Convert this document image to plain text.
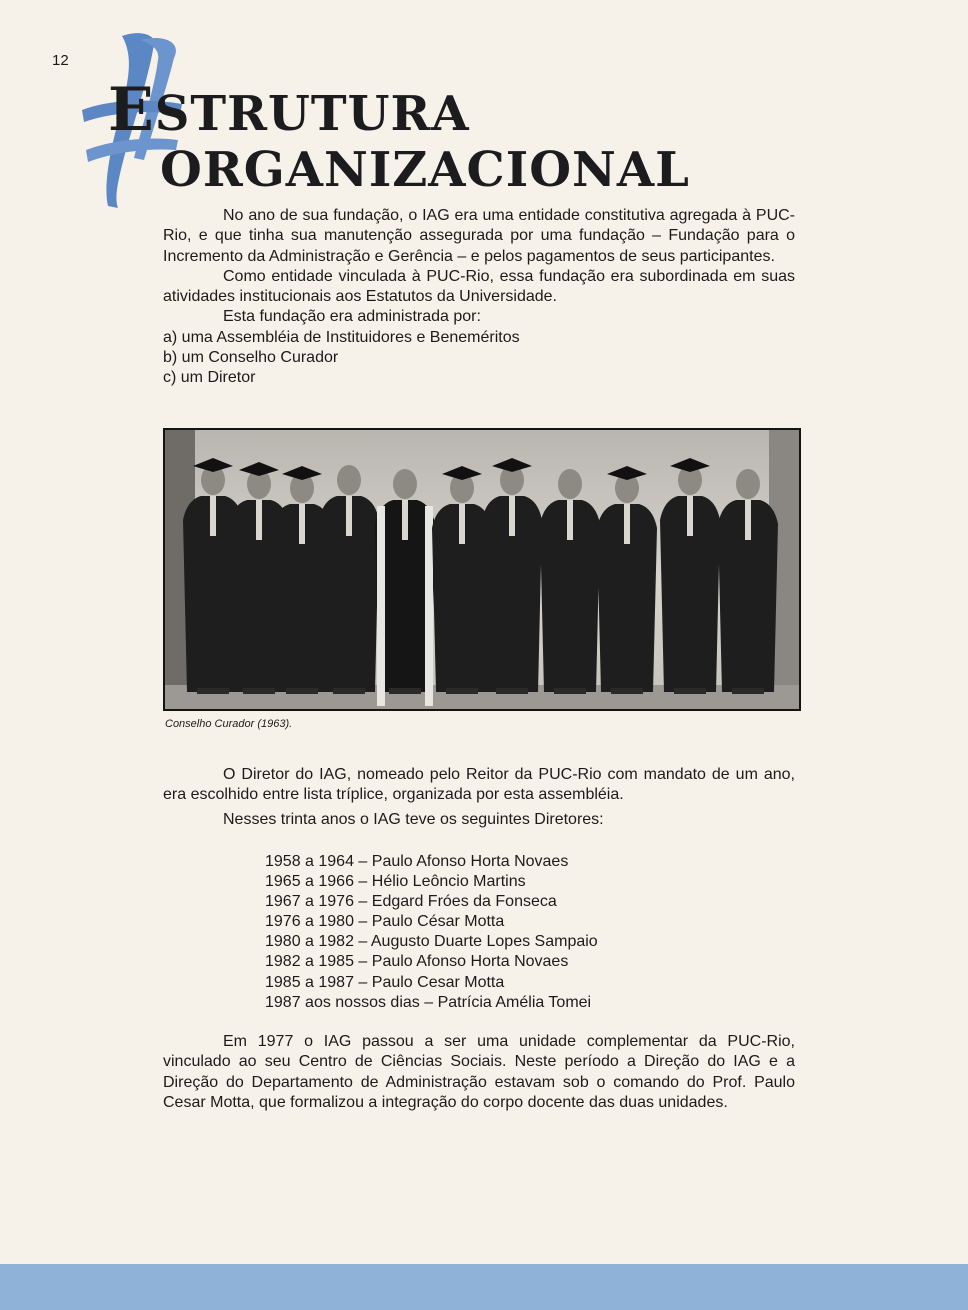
12
ESTRUTURA
ORGANIZACIONAL

No ano de sua fundação, o IAG era uma entidade constitutiva agregada à PUC-Rio, e que tinha sua manutenção assegurada por uma fundação – Fundação para o Incremento da Administração e Gerência – e pelos pagamentos de seus participantes.

Como entidade vinculada à PUC-Rio, essa fundação era subordinada em suas atividades institucionais aos Estatutos da Universidade.

Esta fundação era administrada por:

a) uma Assembléia de Instituidores e Beneméritos

b) um Conselho Curador

c) um Diretor

Conselho Curador (1963).

O Diretor do IAG, nomeado pelo Reitor da PUC-Rio com mandato de um ano, era escolhido entre lista tríplice, organizada por esta assembléia.

Nesses trinta anos o IAG teve os seguintes Diretores:

1958 a 1964 – Paulo Afonso Horta Novaes
1965 a 1966 – Hélio Leôncio Martins
1967 a 1976 – Edgard Fróes da Fonseca
1976 a 1980 – Paulo César Motta
1980 a 1982 – Augusto Duarte Lopes Sampaio
1982 a 1985 – Paulo Afonso Horta Novaes
1985 a 1987 – Paulo Cesar Motta
1987 aos nossos dias – Patrícia Amélia Tomei

Em 1977 o IAG passou a ser uma unidade complementar da PUC-Rio, vinculado ao seu Centro de Ciências Sociais. Neste período a Direção do IAG e a Direção do Departamento de Administração estavam sob o comando do Prof. Paulo Cesar Motta, que formalizou a integração do corpo docente das duas unidades.
